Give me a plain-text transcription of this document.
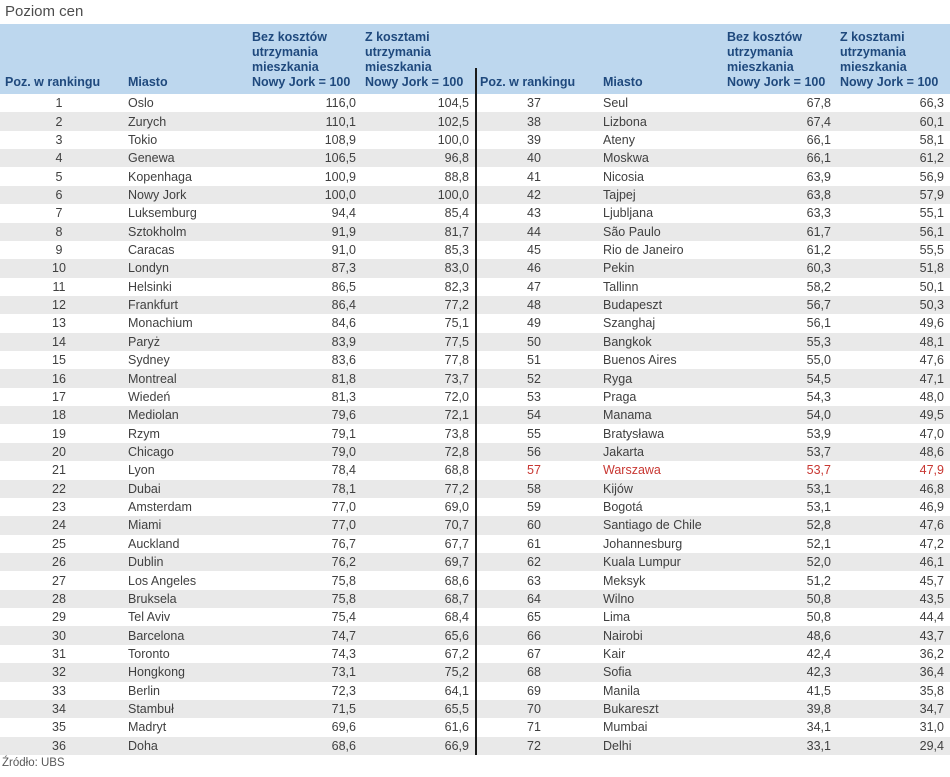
Poziom cen
Poz. w rankingu	Miasto
Bez kosztów utrzymania mieszkania
Nowy Jork = 100
Z kosztami utrzymania mieszkania
Nowy Jork = 100
1	Oslo	116,0	104,5
2	Zurych	110,1	102,5
3	Tokio	108,9	100,0
4	Genewa	106,5	96,8
5	Kopenhaga	100,9	88,8
6	Nowy Jork	100,0	100,0
7	Luksemburg	94,4	85,4
8	Sztokholm	91,9	81,7
9	Caracas	91,0	85,3
10	Londyn	87,3	83,0
11	Helsinki	86,5	82,3
12	Frankfurt	86,4	77,2
13	Monachium	84,6	75,1
14	Paryż	83,9	77,5
15	Sydney	83,6	77,8
16	Montreal	81,8	73,7
17	Wiedeń	81,3	72,0
18	Mediolan	79,6	72,1
19	Rzym	79,1	73,8
20	Chicago	79,0	72,8
21	Lyon	78,4	68,8
22	Dubai	78,1	77,2
23	Amsterdam	77,0	69,0
24	Miami	77,0	70,7
25	Auckland	76,7	67,7
26	Dublin	76,2	69,7
27	Los Angeles	75,8	68,6
28	Bruksela	75,8	68,7
29	Tel Aviv	75,4	68,4
30	Barcelona	74,7	65,6
31	Toronto	74,3	67,2
32	Hongkong	73,1	75,2
33	Berlin	72,3	64,1
34	Stambuł	71,5	65,5
35	Madryt	69,6	61,6
36	Doha	68,6	66,9
Poz. w rankingu	Miasto
Bez kosztów utrzymania mieszkania
Nowy Jork = 100
Z kosztami utrzymania mieszkania
Nowy Jork = 100
37	Seul	67,8	66,3
38	Lizbona	67,4	60,1
39	Ateny	66,1	58,1
40	Moskwa	66,1	61,2
41	Nicosia	63,9	56,9
42	Tajpej	63,8	57,9
43	Ljubljana	63,3	55,1
44	São Paulo	61,7	56,1
45	Rio de Janeiro	61,2	55,5
46	Pekin	60,3	51,8
47	Tallinn	58,2	50,1
48	Budapeszt	56,7	50,3
49	Szanghaj	56,1	49,6
50	Bangkok	55,3	48,1
51	Buenos Aires	55,0	47,6
52	Ryga	54,5	47,1
53	Praga	54,3	48,0
54	Manama	54,0	49,5
55	Bratysława	53,9	47,0
56	Jakarta	53,7	48,6
57	Warszawa	53,7	47,9
58	Kijów	53,1	46,8
59	Bogotá	53,1	46,9
60	Santiago de Chile	52,8	47,6
61	Johannesburg	52,1	47,2
62	Kuala Lumpur	52,0	46,1
63	Meksyk	51,2	45,7
64	Wilno	50,8	43,5
65	Lima	50,8	44,4
66	Nairobi	48,6	43,7
67	Kair	42,4	36,2
68	Sofia	42,3	36,4
69	Manila	41,5	35,8
70	Bukareszt	39,8	34,7
71	Mumbai	34,1	31,0
72	Delhi	33,1	29,4
Źródło: UBS
